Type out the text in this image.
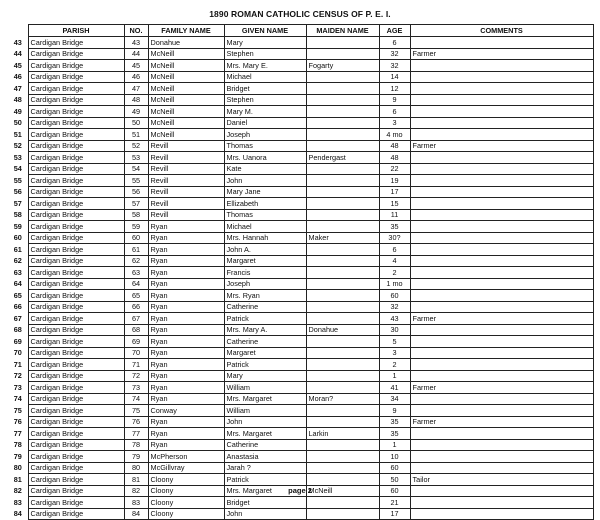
1890 ROMAN CATHOLIC CENSUS OF P. E. I.
	PARISH	NO.	FAMILY NAME	GIVEN NAME	MAIDEN NAME	AGE	COMMENTS
43	Cardigan Bridge	43	Donahue	Mary		6	
44	Cardigan Bridge	44	McNeill	Stephen		32	Farmer
45	Cardigan Bridge	45	McNeill	Mrs. Mary E.	Fogarty	32	
46	Cardigan Bridge	46	McNeill	Michael		14	
47	Cardigan Bridge	47	McNeill	Bridget		12	
48	Cardigan Bridge	48	McNeill	Stephen		9	
49	Cardigan Bridge	49	McNeill	Mary M.		6	
50	Cardigan Bridge	50	McNeill	Daniel		3	
51	Cardigan Bridge	51	McNeill	Joseph		4 mo	
52	Cardigan Bridge	52	Revill	Thomas		48	Farmer
53	Cardigan Bridge	53	Revill	Mrs. Uanora	Pendergast	48	
54	Cardigan Bridge	54	Revill	Kate		22	
55	Cardigan Bridge	55	Revill	John		19	
56	Cardigan Bridge	56	Revill	Mary Jane		17	
57	Cardigan Bridge	57	Revill	Ellizabeth		15	
58	Cardigan Bridge	58	Revill	Thomas		11	
59	Cardigan Bridge	59	Ryan	Michael		35	
60	Cardigan Bridge	60	Ryan	Mrs. Hannah	Maker	30?	
61	Cardigan Bridge	61	Ryan	John A.		6	
62	Cardigan Bridge	62	Ryan	Margaret		4	
63	Cardigan Bridge	63	Ryan	Francis		2	
64	Cardigan Bridge	64	Ryan	Joseph		1 mo	
65	Cardigan Bridge	65	Ryan	Mrs. Ryan		60	
66	Cardigan Bridge	66	Ryan	Catherine		32	
67	Cardigan Bridge	67	Ryan	Patrick		43	Farmer
68	Cardigan Bridge	68	Ryan	Mrs. Mary A.	Donahue	30	
69	Cardigan Bridge	69	Ryan	Catherine		5	
70	Cardigan Bridge	70	Ryan	Margaret		3	
71	Cardigan Bridge	71	Ryan	Patrick		2	
72	Cardigan Bridge	72	Ryan	Mary		1	
73	Cardigan Bridge	73	Ryan	William		41	Farmer
74	Cardigan Bridge	74	Ryan	Mrs. Margaret	Moran?	34	
75	Cardigan Bridge	75	Conway	William		9	
76	Cardigan Bridge	76	Ryan	John		35	Farmer
77	Cardigan Bridge	77	Ryan	Mrs. Margaret	Larkin	35	
78	Cardigan Bridge	78	Ryan	Catherine		1	
79	Cardigan Bridge	79	McPherson	Anastasia		10	
80	Cardigan Bridge	80	McGillvray	Jarah ?		60	
81	Cardigan Bridge	81	Cloony	Patrick		50	Tailor
82	Cardigan Bridge	82	Cloony	Mrs. Margaret	McNeill	60	
83	Cardigan Bridge	83	Cloony	Bridget		21	
84	Cardigan Bridge	84	Cloony	John		17	
page 2
